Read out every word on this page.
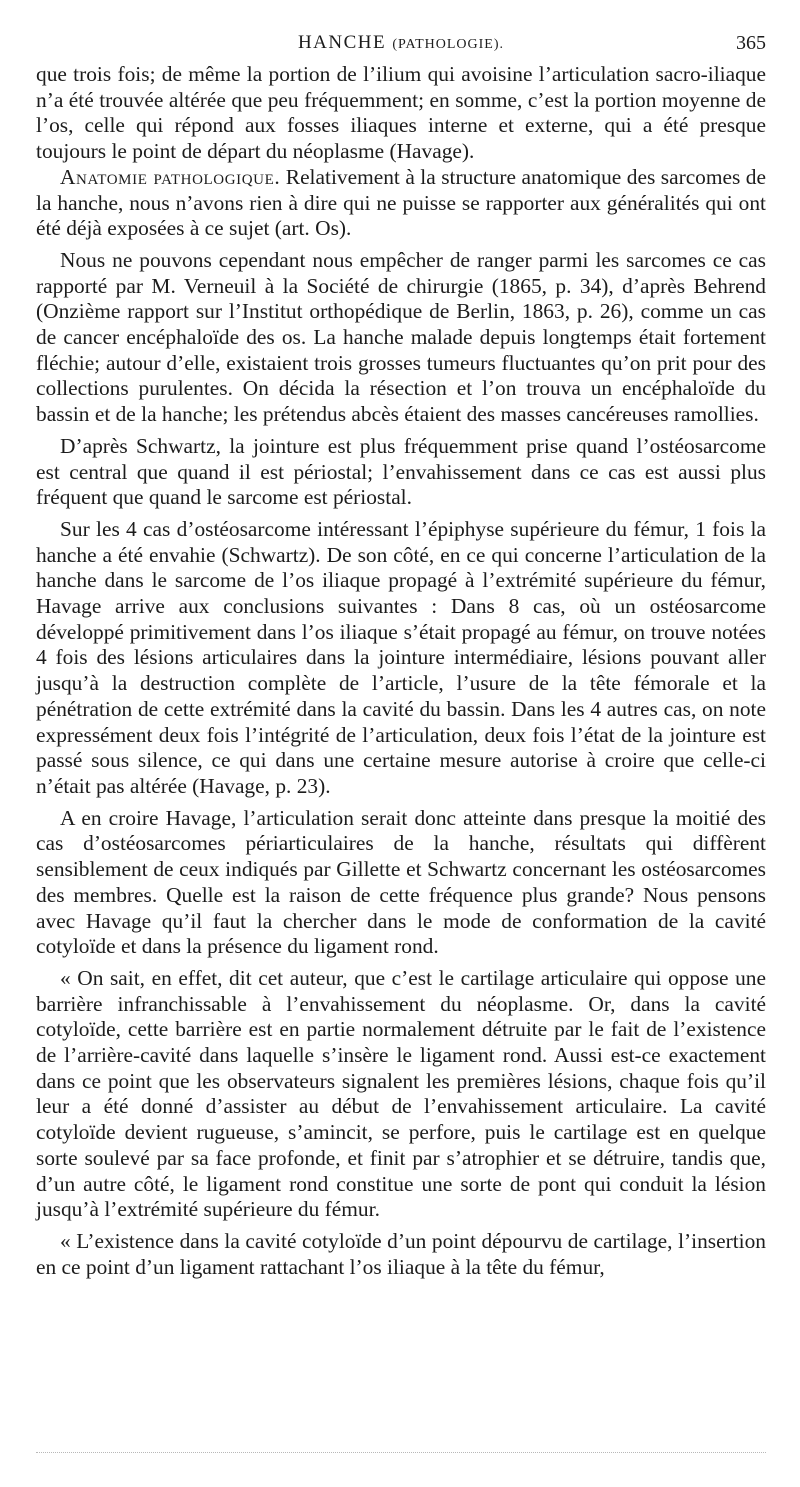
HANCHE (PATHOLOGIE).	365

que trois fois; de même la portion de l’ilium qui avoisine l’articulation sacro-iliaque n’a été trouvée altérée que peu fréquemment; en somme, c’est la portion moyenne de l’os, celle qui répond aux fosses iliaques interne et externe, qui a été presque toujours le point de départ du néoplasme (Havage).

Anatomie pathologique. Relativement à la structure anatomique des sarcomes de la hanche, nous n’avons rien à dire qui ne puisse se rapporter aux généralités qui ont été déjà exposées à ce sujet (art. Os).

Nous ne pouvons cependant nous empêcher de ranger parmi les sarcomes ce cas rapporté par M. Verneuil à la Société de chirurgie (1865, p. 34), d’après Behrend (Onzième rapport sur l’Institut orthopédique de Berlin, 1863, p. 26), comme un cas de cancer encéphaloïde des os. La hanche malade depuis longtemps était fortement fléchie; autour d’elle, existaient trois grosses tumeurs fluctuantes qu’on prit pour des collections purulentes. On décida la résection et l’on trouva un encéphaloïde du bassin et de la hanche; les prétendus abcès étaient des masses cancéreuses ramollies.

D’après Schwartz, la jointure est plus fréquemment prise quand l’ostéosarcome est central que quand il est périostal; l’envahissement dans ce cas est aussi plus fréquent que quand le sarcome est périostal.

Sur les 4 cas d’ostéosarcome intéressant l’épiphyse supérieure du fémur, 1 fois la hanche a été envahie (Schwartz). De son côté, en ce qui concerne l’articulation de la hanche dans le sarcome de l’os iliaque propagé à l’extrémité supérieure du fémur, Havage arrive aux conclusions suivantes : Dans 8 cas, où un ostéosarcome développé primitivement dans l’os iliaque s’était propagé au fémur, on trouve notées 4 fois des lésions articulaires dans la jointure intermédiaire, lésions pouvant aller jusqu’à la destruction complète de l’article, l’usure de la tête fémorale et la pénétration de cette extrémité dans la cavité du bassin. Dans les 4 autres cas, on note expressément deux fois l’intégrité de l’articulation, deux fois l’état de la jointure est passé sous silence, ce qui dans une certaine mesure autorise à croire que celle-ci n’était pas altérée (Havage, p. 23).

A en croire Havage, l’articulation serait donc atteinte dans presque la moitié des cas d’ostéosarcomes périarticulaires de la hanche, résultats qui diffèrent sensiblement de ceux indiqués par Gillette et Schwartz concernant les ostéosarcomes des membres. Quelle est la raison de cette fréquence plus grande? Nous pensons avec Havage qu’il faut la chercher dans le mode de conformation de la cavité cotyloïde et dans la présence du ligament rond.

« On sait, en effet, dit cet auteur, que c’est le cartilage articulaire qui oppose une barrière infranchissable à l’envahissement du néoplasme. Or, dans la cavité cotyloïde, cette barrière est en partie normalement détruite par le fait de l’existence de l’arrière-cavité dans laquelle s’insère le ligament rond. Aussi est-ce exactement dans ce point que les observateurs signalent les premières lésions, chaque fois qu’il leur a été donné d’assister au début de l’envahissement articulaire. La cavité cotyloïde devient rugueuse, s’amincit, se perfore, puis le cartilage est en quelque sorte soulevé par sa face profonde, et finit par s’atrophier et se détruire, tandis que, d’un autre côté, le ligament rond constitue une sorte de pont qui conduit la lésion jusqu’à l’extrémité supérieure du fémur.

« L’existence dans la cavité cotyloïde d’un point dépourvu de cartilage, l’insertion en ce point d’un ligament rattachant l’os iliaque à la tête du fémur,
